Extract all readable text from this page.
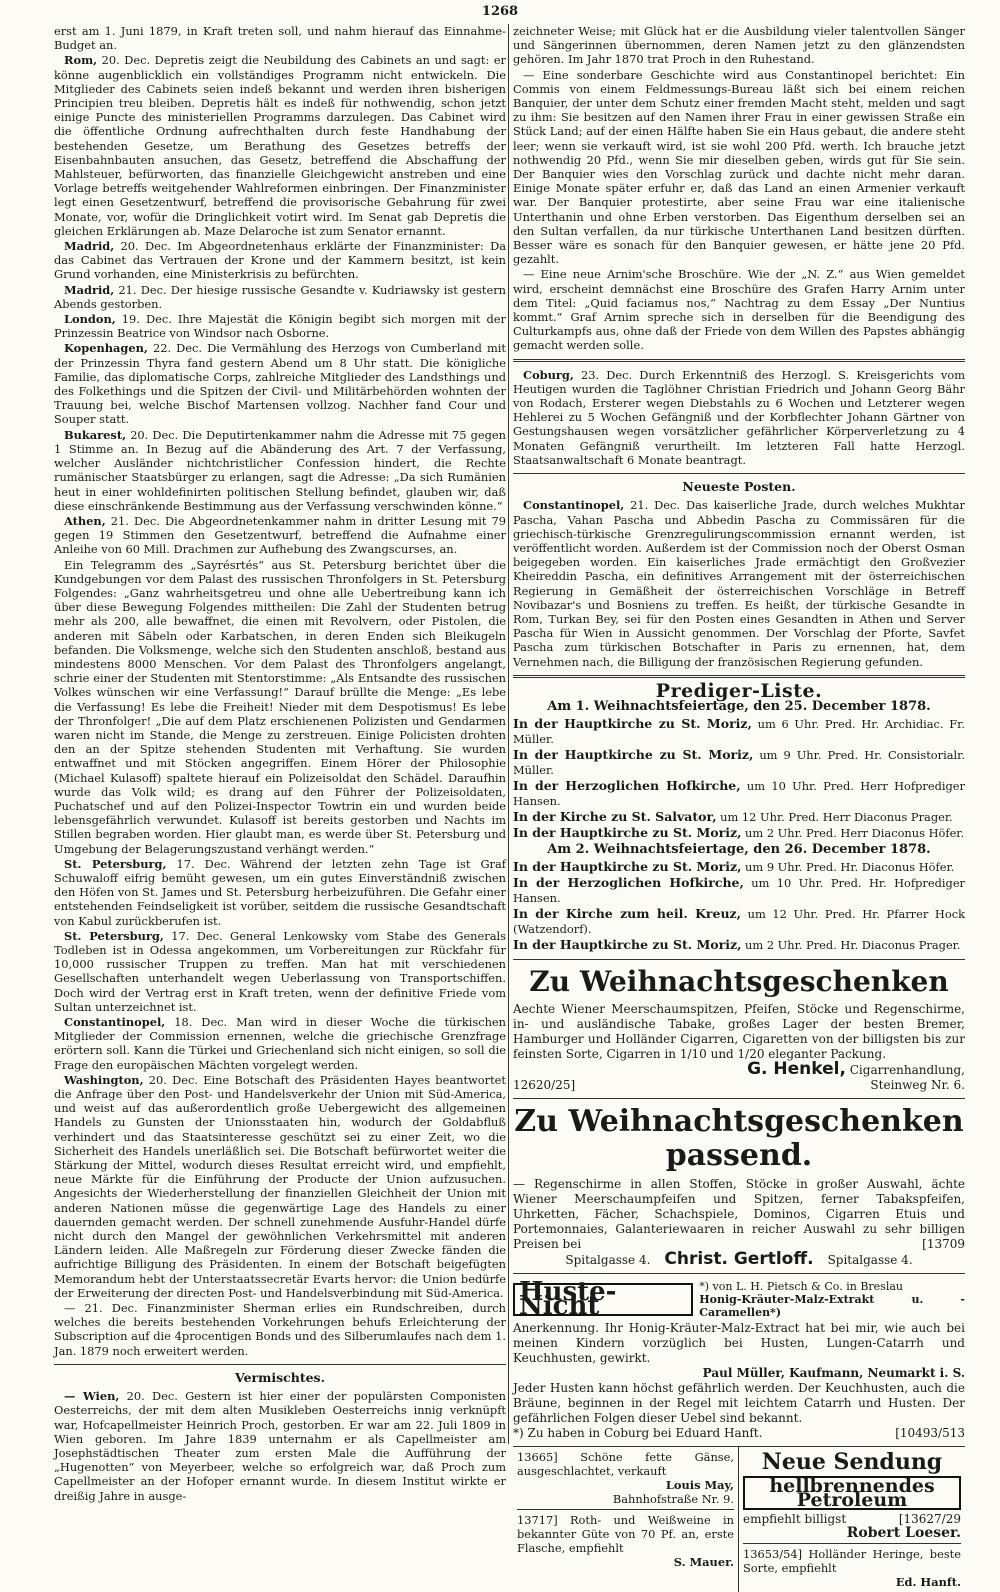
1268

erst am 1. Juni 1879, in Kraft treten soll, und nahm hierauf das Einnahme-Budget an.

Rom, 20. Dec. Depretis zeigt die Neubildung des Cabinets an und sagt: er könne augenblicklich ein vollständiges Programm nicht entwickeln. Die Mitglieder des Cabinets seien indeß bekannt und werden ihren bisherigen Principien treu bleiben. Depretis hält es indeß für nothwendig, schon jetzt einige Puncte des ministeriellen Programms darzulegen. Das Cabinet wird die öffentliche Ordnung aufrechthalten durch feste Handhabung der bestehenden Gesetze, um Berathung des Gesetzes betreffs der Eisenbahnbauten ansuchen, das Gesetz, betreffend die Abschaffung der Mahlsteuer, befürworten, das finanzielle Gleichgewicht anstreben und eine Vorlage betreffs weitgehender Wahlreformen einbringen. Der Finanzminister legt einen Gesetzentwurf, betreffend die provisorische Gebahrung für zwei Monate, vor, wofür die Dringlichkeit votirt wird. Im Senat gab Depretis die gleichen Erklärungen ab. Maze Delaroche ist zum Senator ernannt.

Madrid, 20. Dec. Im Abgeordnetenhaus erklärte der Finanzminister: Da das Cabinet das Vertrauen der Krone und der Kammern besitzt, ist kein Grund vorhanden, eine Ministerkrisis zu befürchten.

Madrid, 21. Dec. Der hiesige russische Gesandte v. Kudriawsky ist gestern Abends gestorben.

London, 19. Dec. Ihre Majestät die Königin begibt sich morgen mit der Prinzessin Beatrice von Windsor nach Osborne.

Kopenhagen, 22. Dec. Die Vermählung des Herzogs von Cumberland mit der Prinzessin Thyra fand gestern Abend um 8 Uhr statt. Die königliche Familie, das diplomatische Corps, zahlreiche Mitglieder des Landsthings und des Folkethings und die Spitzen der Civil- und Militärbehörden wohnten der Trauung bei, welche Bischof Martensen vollzog. Nachher fand Cour und Souper statt.

Bukarest, 20. Dec. Die Deputirtenkammer nahm die Adresse mit 75 gegen 1 Stimme an. In Bezug auf die Abänderung des Art. 7 der Verfassung, welcher Ausländer nichtchristlicher Confession hindert, die Rechte rumänischer Staatsbürger zu erlangen, sagt die Adresse: „Da sich Rumänien heut in einer wohldefinirten politischen Stellung befindet, glauben wir, daß diese einschränkende Bestimmung aus der Verfassung verschwinden könne.“

Athen, 21. Dec. Die Abgeordnetenkammer nahm in dritter Lesung mit 79 gegen 19 Stimmen den Gesetzentwurf, betreffend die Aufnahme einer Anleihe von 60 Mill. Drachmen zur Aufhebung des Zwangscurses, an.

Ein Telegramm des „Sayrésrtés“ aus St. Petersburg berichtet über die Kundgebungen vor dem Palast des russischen Thronfolgers in St. Petersburg Folgendes: „Ganz wahrheitsgetreu und ohne alle Uebertreibung kann ich über diese Bewegung Folgendes mittheilen: Die Zahl der Studenten betrug mehr als 200, alle bewaffnet, die einen mit Revolvern, oder Pistolen, die anderen mit Säbeln oder Karbatschen, in deren Enden sich Bleikugeln befanden. Die Volksmenge, welche sich den Studenten anschloß, bestand aus mindestens 8000 Menschen. Vor dem Palast des Thronfolgers angelangt, schrie einer der Studenten mit Stentorstimme: „Als Entsandte des russischen Volkes wünschen wir eine Verfassung!“ Darauf brüllte die Menge: „Es lebe die Verfassung! Es lebe die Freiheit! Nieder mit dem Despotismus! Es lebe der Thronfolger! „Die auf dem Platz erschienenen Polizisten und Gendarmen waren nicht im Stande, die Menge zu zerstreuen. Einige Policisten drohten den an der Spitze stehenden Studenten mit Verhaftung. Sie wurden entwaffnet und mit Stöcken angegriffen. Einem Hörer der Philosophie (Michael Kulasoff) spaltete hierauf ein Polizeisoldat den Schädel. Daraufhin wurde das Volk wild; es drang auf den Führer der Polizeisoldaten, Puchatschef und auf den Polizei-Inspector Towtrin ein und wurden beide lebensgefährlich verwundet. Kulasoff ist bereits gestorben und Nachts im Stillen begraben worden. Hier glaubt man, es werde über St. Petersburg und Umgebung der Belagerungszustand verhängt werden.“

St. Petersburg, 17. Dec. Während der letzten zehn Tage ist Graf Schuwaloff eifrig bemüht gewesen, um ein gutes Einverständniß zwischen den Höfen von St. James und St. Petersburg herbeizuführen. Die Gefahr einer entstehenden Feindseligkeit ist vorüber, seitdem die russische Gesandtschaft von Kabul zurückberufen ist.

St. Petersburg, 17. Dec. General Lenkowsky vom Stabe des Generals Todleben ist in Odessa angekommen, um Vorbereitungen zur Rückfahr für 10,000 russischer Truppen zu treffen. Man hat mit verschiedenen Gesellschaften unterhandelt wegen Ueberlassung von Transportschiffen. Doch wird der Vertrag erst in Kraft treten, wenn der definitive Friede vom Sultan unterzeichnet ist.

Constantinopel, 18. Dec. Man wird in dieser Woche die türkischen Mitglieder der Commission ernennen, welche die griechische Grenzfrage erörtern soll. Kann die Türkei und Griechenland sich nicht einigen, so soll die Frage den europäischen Mächten vorgelegt werden.

Washington, 20. Dec. Eine Botschaft des Präsidenten Hayes beantwortet die Anfrage über den Post- und Handelsverkehr der Union mit Süd-America, und weist auf das außerordentlich große Uebergewicht des allgemeinen Handels zu Gunsten der Unionsstaaten hin, wodurch der Goldabfluß verhindert und das Staatsinteresse geschützt sei zu einer Zeit, wo die Sicherheit des Handels unerläßlich sei. Die Botschaft befürwortet weiter die Stärkung der Mittel, wodurch dieses Resultat erreicht wird, und empfiehlt, neue Märkte für die Einführung der Producte der Union aufzusuchen. Angesichts der Wiederherstellung der finanziellen Gleichheit der Union mit anderen Nationen müsse die gegenwärtige Lage des Handels zu einer dauernden gemacht werden. Der schnell zunehmende Ausfuhr-Handel dürfe nicht durch den Mangel der gewöhnlichen Verkehrsmittel mit anderen Ländern leiden. Alle Maßregeln zur Förderung dieser Zwecke fänden die aufrichtige Billigung des Präsidenten. In einem der Botschaft beigefügten Memorandum hebt der Unterstaatssecretär Evarts hervor: die Union bedürfe der Erweiterung der directen Post- und Handelsverbindung mit Süd-America.

— 21. Dec. Finanzminister Sherman erlies ein Rundschreiben, durch welches die bereits bestehenden Vorkehrungen behufs Erleichterung der Subscription auf die 4procentigen Bonds und des Silberumlaufes nach dem 1. Jan. 1879 noch erweitert werden.

Vermischtes.

— Wien, 20. Dec. Gestern ist hier einer der populärsten Componisten Oesterreichs, der mit dem alten Musikleben Oesterreichs innig verknüpft war, Hofcapellmeister Heinrich Proch, gestorben. Er war am 22. Juli 1809 in Wien geboren. Im Jahre 1839 unternahm er als Capellmeister am Josephstädtischen Theater zum ersten Male die Aufführung der „Hugenotten“ von Meyerbeer, welche so erfolgreich war, daß Proch zum Capellmeister an der Hofoper ernannt wurde. In diesem Institut wirkte er dreißig Jahre in ausge-

zeichneter Weise; mit Glück hat er die Ausbildung vieler talentvollen Sänger und Sängerinnen übernommen, deren Namen jetzt zu den glänzendsten gehören. Im Jahr 1870 trat Proch in den Ruhestand.

— Eine sonderbare Geschichte wird aus Constantinopel berichtet: Ein Commis von einem Feldmessungs-Bureau läßt sich bei einem reichen Banquier, der unter dem Schutz einer fremden Macht steht, melden und sagt zu ihm: Sie besitzen auf den Namen ihrer Frau in einer gewissen Straße ein Stück Land; auf der einen Hälfte haben Sie ein Haus gebaut, die andere steht leer; wenn sie verkauft wird, ist sie wohl 200 Pfd. werth. Ich brauche jetzt nothwendig 20 Pfd., wenn Sie mir dieselben geben, wirds gut für Sie sein. Der Banquier wies den Vorschlag zurück und dachte nicht mehr daran. Einige Monate später erfuhr er, daß das Land an einen Armenier verkauft war. Der Banquier protestirte, aber seine Frau war eine italienische Unterthanin und ohne Erben verstorben. Das Eigenthum derselben sei an den Sultan verfallen, da nur türkische Unterthanen Land besitzen dürften. Besser wäre es sonach für den Banquier gewesen, er hätte jene 20 Pfd. gezahlt.

— Eine neue Arnim'sche Broschüre. Wie der „N. Z.“ aus Wien gemeldet wird, erscheint demnächst eine Broschüre des Grafen Harry Arnim unter dem Titel: „Quid faciamus nos,“ Nachtrag zu dem Essay „Der Nuntius kommt.“ Graf Arnim spreche sich in derselben für die Beendigung des Culturkampfs aus, ohne daß der Friede von dem Willen des Papstes abhängig gemacht werden solle.

Coburg, 23. Dec. Durch Erkenntniß des Herzogl. S. Kreisgerichts vom Heutigen wurden die Taglöhner Christian Friedrich und Johann Georg Bähr von Rodach, Ersterer wegen Diebstahls zu 6 Wochen und Letzterer wegen Hehlerei zu 5 Wochen Gefängniß und der Korbflechter Johann Gärtner von Gestungshausen wegen vorsätzlicher gefährlicher Körperverletzung zu 4 Monaten Gefängniß verurtheilt. Im letzteren Fall hatte Herzogl. Staatsanwaltschaft 6 Monate beantragt.

Neueste Posten.

Constantinopel, 21. Dec. Das kaiserliche Jrade, durch welches Mukhtar Pascha, Vahan Pascha und Abbedin Pascha zu Commissären für die griechisch-türkische Grenzregulirungscommission ernannt werden, ist veröffentlicht worden. Außerdem ist der Commission noch der Oberst Osman beigegeben worden. Ein kaiserliches Jrade ermächtigt den Großvezier Kheireddin Pascha, ein definitives Arrangement mit der österreichischen Regierung in Gemäßheit der österreichischen Vorschläge in Betreff Novibazar's und Bosniens zu treffen. Es heißt, der türkische Gesandte in Rom, Turkan Bey, sei für den Posten eines Gesandten in Athen und Server Pascha für Wien in Aussicht genommen. Der Vorschlag der Pforte, Savfet Pascha zum türkischen Botschafter in Paris zu ernennen, hat, dem Vernehmen nach, die Billigung der französischen Regierung gefunden.

Prediger-Liste.
Am 1. Weihnachtsfeiertage, den 25. December 1878.
In der Hauptkirche zu St. Moriz, um 6 Uhr. Pred. Hr. Archidiac. Fr. Müller.
In der Hauptkirche zu St. Moriz, um 9 Uhr. Pred. Hr. Consistorialr. Müller.
In der Herzoglichen Hofkirche, um 10 Uhr. Pred. Herr Hofprediger Hansen.
In der Kirche zu St. Salvator, um 12 Uhr. Pred. Herr Diaconus Prager.
In der Hauptkirche zu St. Moriz, um 2 Uhr. Pred. Herr Diaconus Höfer.
Am 2. Weihnachtsfeiertage, den 26. December 1878.
In der Hauptkirche zu St. Moriz, um 9 Uhr. Pred. Hr. Diaconus Höfer.
In der Herzoglichen Hofkirche, um 10 Uhr. Pred. Hr. Hofprediger Hansen.
In der Kirche zum heil. Kreuz, um 12 Uhr. Pred. Hr. Pfarrer Hock (Watzendorf).
In der Hauptkirche zu St. Moriz, um 2 Uhr. Pred. Hr. Diaconus Prager.
Zu Weihnachtsgeschenken
Aechte Wiener Meerschaumspitzen, Pfeifen, Stöcke und Regenschirme, in- und ausländische Tabake, großes Lager der besten Bremer, Hamburger und Holländer Cigarren, Cigaretten von der billigsten bis zur feinsten Sorte, Cigarren in 1/10 und 1/20 eleganter Packung.
G. Henkel, Cigarrenhandlung,
12620/25]	Steinweg Nr. 6.
Zu Weihnachtsgeschenken passend.
— Regenschirme in allen Stoffen, Stöcke in großer Auswahl, ächte Wiener Meerschaumpfeifen und Spitzen, ferner Tabakspfeifen, Uhrketten, Fächer, Schachspiele, Dominos, Cigarren Etuis und Portemonnaies, Galanteriewaaren in reicher Auswahl zu sehr billigen Preisen bei	[13709
Spitalgasse 4. Christ. Gertloff. Spitalgasse 4.
Huste-Nicht
*) von L. H. Pietsch & Co. in Breslau
Honig-Kräuter-Malz-Extrakt u. -Caramellen*)
Anerkennung. Ihr Honig-Kräuter-Malz-Extract hat bei mir, wie auch bei meinen Kindern vorzüglich bei Husten, Lungen-Catarrh und Keuchhusten, gewirkt.
Paul Müller, Kaufmann, Neumarkt i. S.
Jeder Husten kann höchst gefährlich werden. Der Keuchhusten, auch die Bräune, beginnen in der Regel mit leichtem Catarrh und Husten. Der gefährlichen Folgen dieser Uebel sind bekannt.
*) Zu haben in Coburg bei Eduard Hanft.	[10493/513
13665] Schöne fette Gänse, ausgeschlachtet, verkauft
Louis May,
Bahnhofstraße Nr. 9.
13717] Roth- und Weißweine in bekannter Güte von 70 Pf. an, erste Flasche, empfiehlt
S. Mauer.
Neue Sendung
hellbrennendes Petroleum
empfiehlt billigst	[13627/29
Robert Loeser.
13653/54] Holländer Heringe, beste Sorte, empfiehlt
Ed. Hanft.
